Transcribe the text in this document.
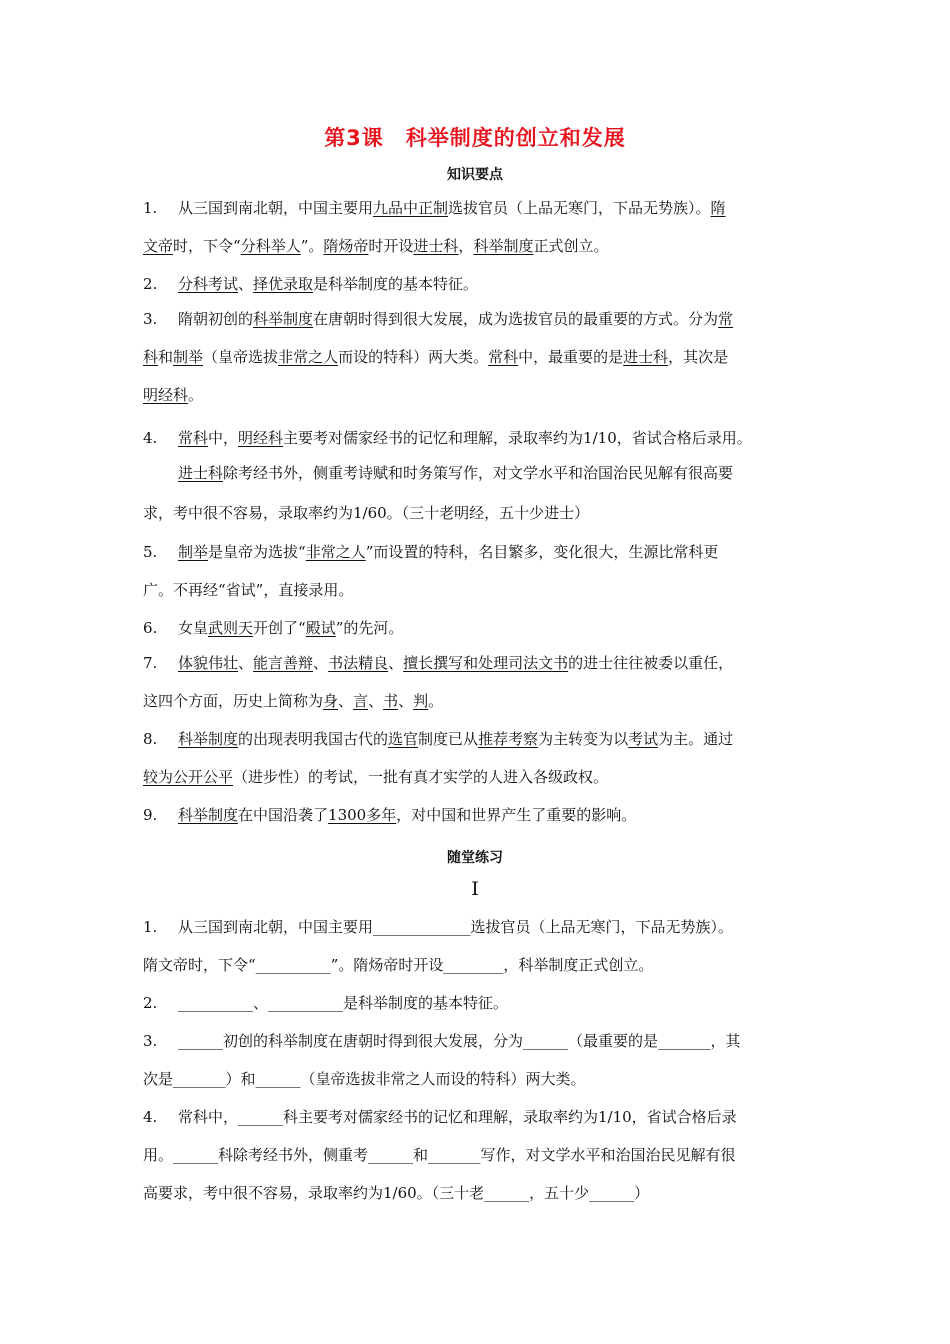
第3课　科举制度的创立和发展
知识要点
1. 从三国到南北朝，中国主要用九品中正制选拔官员（上品无寒门，下品无势族）。隋
文帝时，下令“分科举人”。隋炀帝时开设进士科，科举制度正式创立。
2. 分科考试、择优录取是科举制度的基本特征。
3. 隋朝初创的科举制度在唐朝时得到很大发展，成为选拔官员的最重要的方式。分为常
科和制举（皇帝选拔非常之人而设的特科）两大类。常科中，最重要的是进士科，其次是
明经科。
4. 常科中，明经科主要考对儒家经书的记忆和理解，录取率约为1/10，省试合格后录用。
进士科除考经书外，侧重考诗赋和时务策写作，对文学水平和治国治民见解有很高要
求，考中很不容易，录取率约为1/60。（三十老明经，五十少进士）
5. 制举是皇帝为选拔“非常之人”而设置的特科，名目繁多，变化很大，生源比常科更
广。不再经“省试”，直接录用。
6. 女皇武则天开创了“殿试”的先河。
7. 体貌伟壮、能言善辩、书法精良、擅长撰写和处理司法文书的进士往往被委以重任，
这四个方面，历史上简称为身、言、书、判。
8. 科举制度的出现表明我国古代的选官制度已从推荐考察为主转变为以考试为主。通过
较为公开公平（进步性）的考试，一批有真才实学的人进入各级政权。
9. 科举制度在中国沿袭了1300多年，对中国和世界产生了重要的影响。
随堂练习
I
1. 从三国到南北朝，中国主要用_____________选拔官员（上品无寒门，下品无势族）。
隋文帝时，下令“__________”。隋炀帝时开设________，科举制度正式创立。
2. __________、__________是科举制度的基本特征。
3. ______初创的科举制度在唐朝时得到很大发展，分为______（最重要的是_______，其
次是_______）和______（皇帝选拔非常之人而设的特科）两大类。
4. 常科中，______科主要考对儒家经书的记忆和理解，录取率约为1/10，省试合格后录
用。______科除考经书外，侧重考______和_______写作，对文学水平和治国治民见解有很
高要求，考中很不容易，录取率约为1/60。（三十老______，五十少______）
